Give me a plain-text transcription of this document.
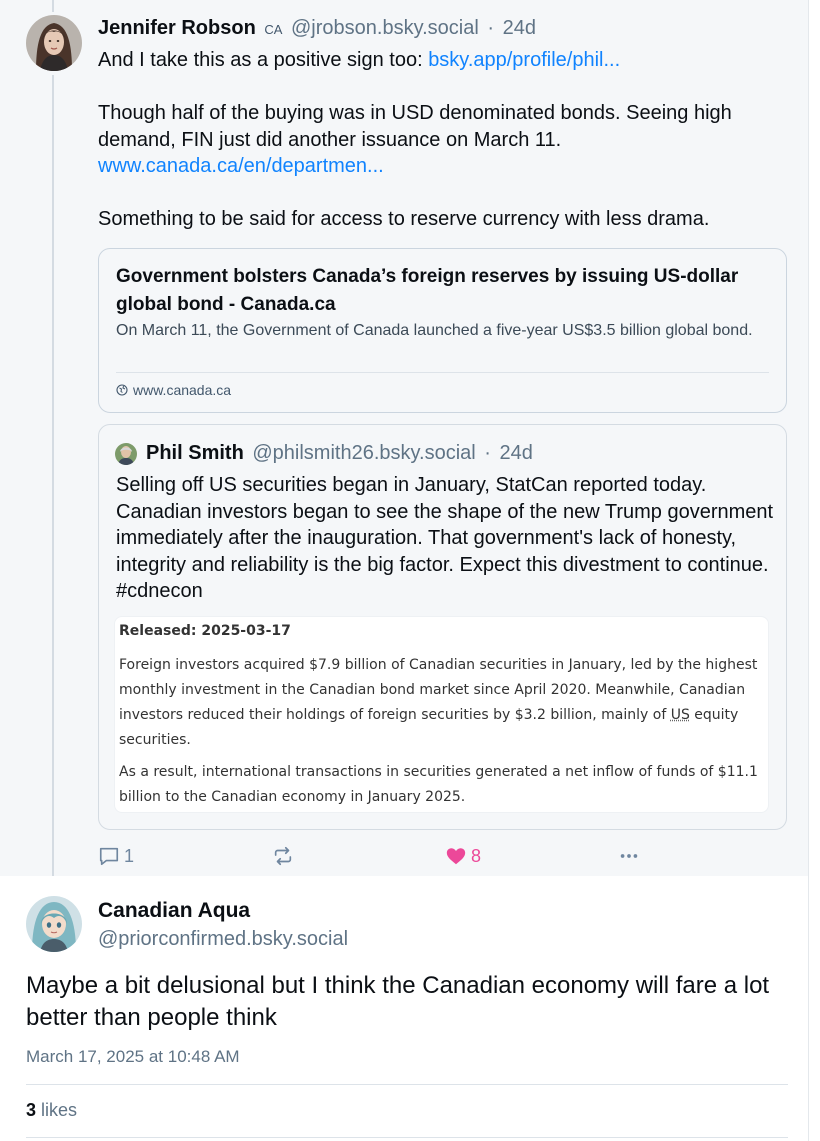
Jennifer Robson CA @jrobson.bsky.social · 24d

And I take this as a positive sign too: bsky.app/profile/phil...

Though half of the buying was in USD denominated bonds. Seeing high demand, FIN just did another issuance on March 11.
www.canada.ca/en/departmen...

Something to be said for access to reserve currency with less drama.

Government bolsters Canada’s foreign reserves by issuing US-dollar global bond - Canada.ca
On March 11, the Government of Canada launched a five-year US$3.5 billion global bond.
www.canada.ca
Phil Smith @philsmith26.bsky.social · 24d
Selling off US securities began in January, StatCan reported today. Canadian investors began to see the shape of the new Trump government immediately after the inauguration. That government's lack of honesty, integrity and reliability is the big factor. Expect this divestment to continue. #cdnecon
Released: 2025-03-17
Foreign investors acquired $7.9 billion of Canadian securities in January, led by the highest monthly investment in the Canadian bond market since April 2020. Meanwhile, Canadian investors reduced their holdings of foreign securities by $3.2 billion, mainly of US equity securities.
As a result, international transactions in securities generated a net inflow of funds of $11.1 billion to the Canadian economy in January 2025.
1	8
Canadian Aqua
@priorconfirmed.bsky.social
Maybe a bit delusional but I think the Canadian economy will fare a lot better than people think
March 17, 2025 at 10:48 AM
3 likes
